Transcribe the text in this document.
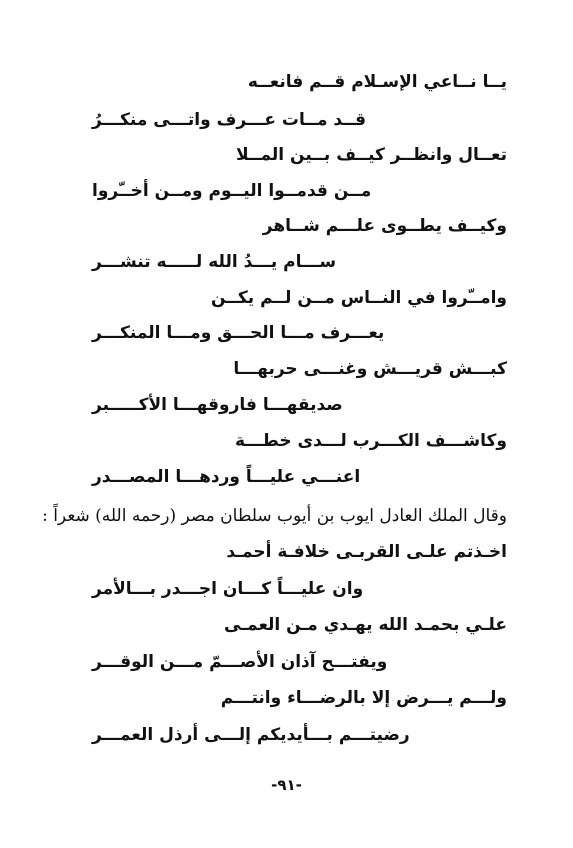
يــا نــاعي الإسـلام قــم فانعــه
قــد مــات عـــرف واتـــى منكـــرُ
تعــال وانظــر كيــف بــين المــلا
مــن قدمــوا اليــوم ومــن أخــّروا
وكيــف يطــوى علـــم شــاهر
ســـام يـــدُ الله لـــــه تنشـــر
وامــّروا في النــاس مــن لــم يكــن
يعـــرف مـــا الحـــق ومـــا المنكـــر
كبـــش قريـــش وغنـــى حربهـــا
صديقهـــا فاروقهـــا الأكـــــبر
وكاشـــف الكـــرب لـــدى خطـــة
اعنـــي عليـــاً وردهـــا المصـــدر
وقال الملك العادل ايوب بن أيوب سلطان مصر (رحمه الله) شعراً :
اخـذتم علـى القربـى خلافـة أحمـد
وان عليـــاً كـــان اجـــدر بـــالأمر
علـي بحمـد الله يهـدي مـن العمـى
ويفتـــح آذان الأصـــمّ مـــن الوقـــر
ولـــم يـــرض إلا بالرضـــاء وانتـــم
رضيتـــم بـــأيديكم إلـــى أرذل العمـــر
-٩١-
